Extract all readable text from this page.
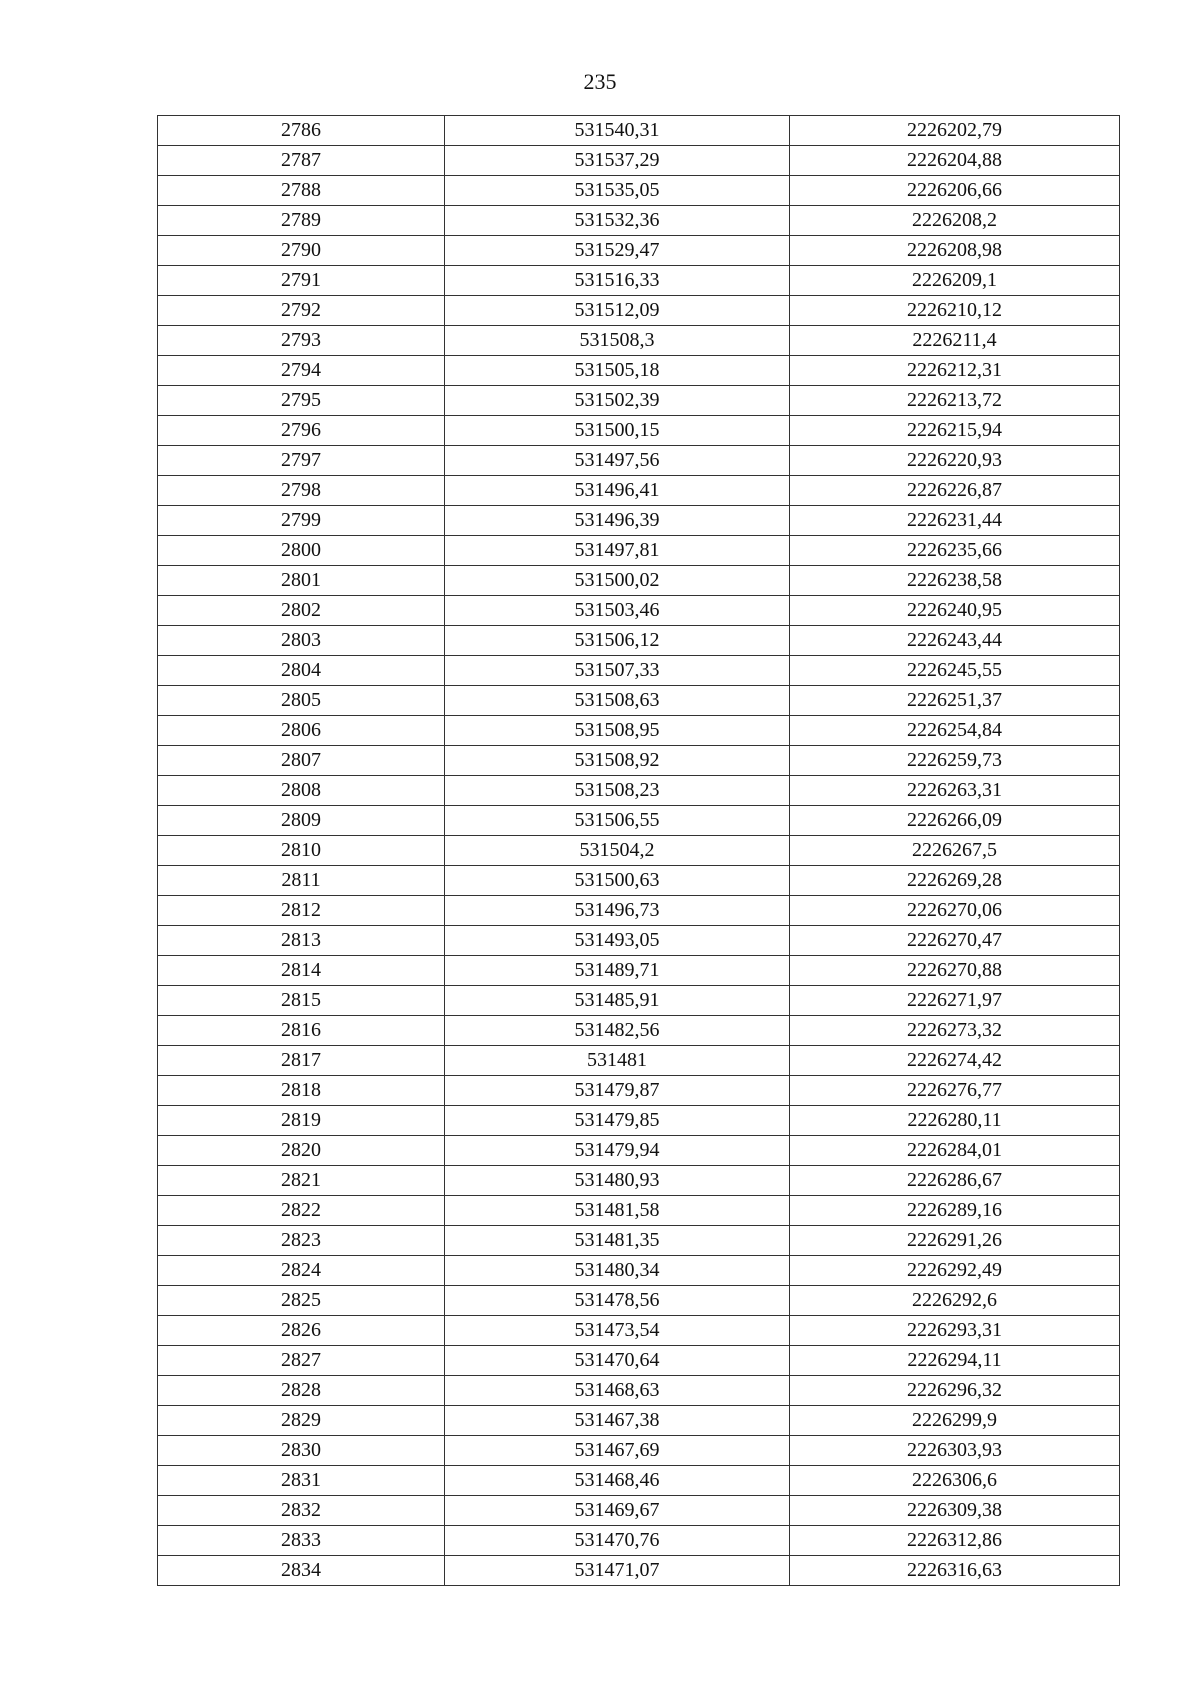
235
2786	531540,31	2226202,79
2787	531537,29	2226204,88
2788	531535,05	2226206,66
2789	531532,36	2226208,2
2790	531529,47	2226208,98
2791	531516,33	2226209,1
2792	531512,09	2226210,12
2793	531508,3	2226211,4
2794	531505,18	2226212,31
2795	531502,39	2226213,72
2796	531500,15	2226215,94
2797	531497,56	2226220,93
2798	531496,41	2226226,87
2799	531496,39	2226231,44
2800	531497,81	2226235,66
2801	531500,02	2226238,58
2802	531503,46	2226240,95
2803	531506,12	2226243,44
2804	531507,33	2226245,55
2805	531508,63	2226251,37
2806	531508,95	2226254,84
2807	531508,92	2226259,73
2808	531508,23	2226263,31
2809	531506,55	2226266,09
2810	531504,2	2226267,5
2811	531500,63	2226269,28
2812	531496,73	2226270,06
2813	531493,05	2226270,47
2814	531489,71	2226270,88
2815	531485,91	2226271,97
2816	531482,56	2226273,32
2817	531481	2226274,42
2818	531479,87	2226276,77
2819	531479,85	2226280,11
2820	531479,94	2226284,01
2821	531480,93	2226286,67
2822	531481,58	2226289,16
2823	531481,35	2226291,26
2824	531480,34	2226292,49
2825	531478,56	2226292,6
2826	531473,54	2226293,31
2827	531470,64	2226294,11
2828	531468,63	2226296,32
2829	531467,38	2226299,9
2830	531467,69	2226303,93
2831	531468,46	2226306,6
2832	531469,67	2226309,38
2833	531470,76	2226312,86
2834	531471,07	2226316,63
